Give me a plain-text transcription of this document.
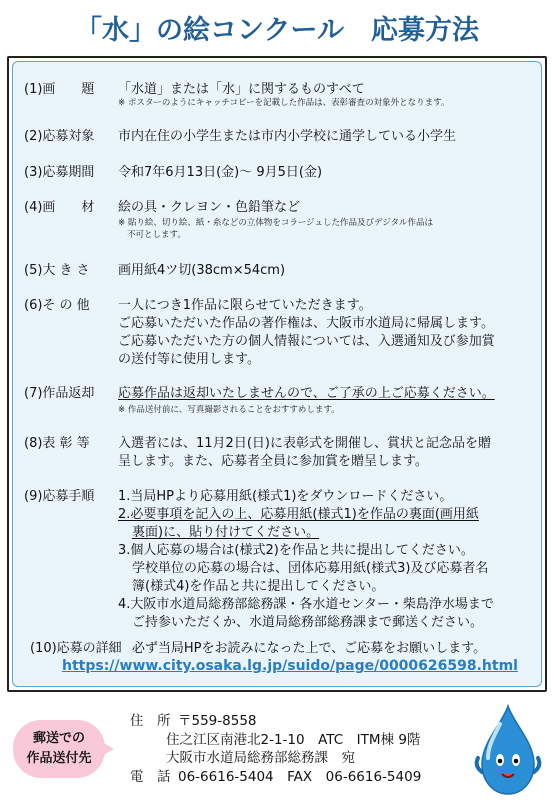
「水」の絵コンクール　応募方法
(1)画　　題 「水道」または「水」に関するものすべて
※ ポスターのようにキャッチコピーを記載した作品は、表彰審査の対象外となります。
(2)応募対象 市内在住の小学生または市内小学校に通学している小学生
(3)応募期間 令和7年6月13日(金)～ 9月5日(金)
(4)画　　材 絵の具・クレヨン・色鉛筆など
※ 貼り絵、切り絵、紙・糸などの立体物をコラージュした作品及びデジタル作品は
不可とします。
(5)大 き さ 画用紙4ツ切(38cm×54cm)
(6)そ の 他 一人につき1作品に限らせていただきます。
ご応募いただいた作品の著作権は、大阪市水道局に帰属します。
ご応募いただいた方の個人情報については、入選通知及び参加賞
の送付等に使用します。
(7)作品返却 応募作品は返却いたしませんので、ご了承の上ご応募ください。
※ 作品送付前に、写真撮影されることをおすすめします。
(8)表 彰 等 入選者には、11月2日(日)に表彰式を開催し、賞状と記念品を贈
呈します。また、応募者全員に参加賞を贈呈します。
(9)応募手順 1.当局HPより応募用紙(様式1)をダウンロードください。
2.必要事項を記入の上、応募用紙(様式1)を作品の裏面(画用紙
裏面)に、貼り付けてください。
3.個人応募の場合は(様式2)を作品と共に提出してください。
学校単位の応募の場合は、団体応募用紙(様式3)及び応募者名
簿(様式4)を作品と共に提出してください。
4.大阪市水道局総務部総務課・各水道センター・柴島浄水場まで
ご持参いただくか、水道局総務部総務課まで郵送ください。
(10)応募の詳細 必ず当局HPをお読みになった上で、ご応募をお願いします。
https://www.city.osaka.lg.jp/suido/page/0000626598.html
郵送での
作品送付先
住　所 〒559-8558
住之江区南港北2-1-10　ATC　ITM棟 9階
大阪市水道局総務部総務課　宛
電　話 06-6616-5404　FAX　06-6616-5409
